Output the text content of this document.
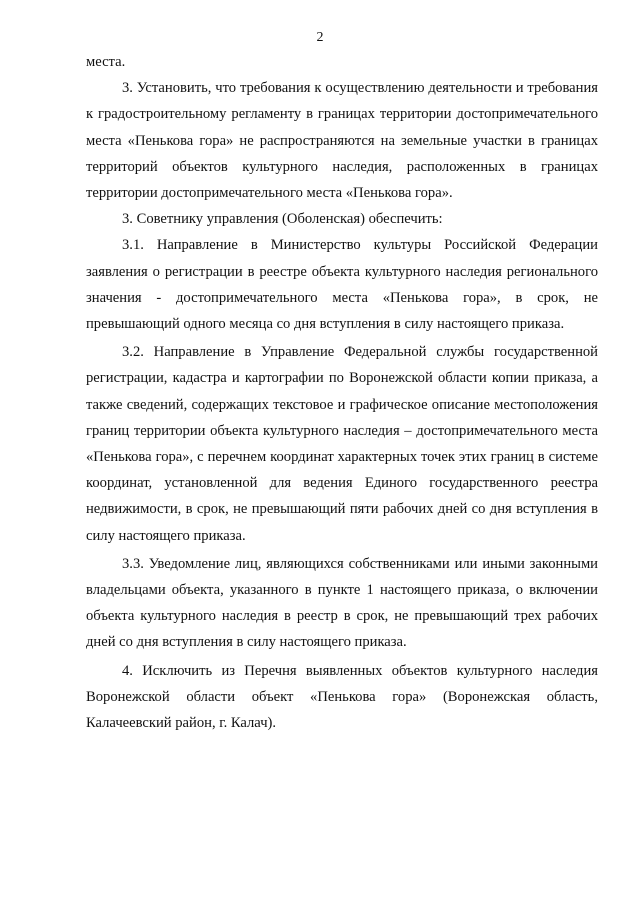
2

места.

3. Установить, что требования к осуществлению деятельности и требования к градостроительному регламенту в границах территории достопримечательного места «Пенькова гора» не распространяются на земельные участки в границах территорий объектов культурного наследия, расположенных в границах территории достопримечательного места «Пенькова гора».

3. Советнику управления (Оболенская) обеспечить:

3.1. Направление в Министерство культуры Российской Федерации заявления о регистрации в реестре объекта культурного наследия регионального значения - достопримечательного места «Пенькова гора», в срок, не превышающий одного месяца со дня вступления в силу настоящего приказа.

3.2. Направление в Управление Федеральной службы государственной регистрации, кадастра и картографии по Воронежской области копии приказа, а также сведений, содержащих текстовое и графическое описание местоположения границ территории объекта культурного наследия – достопримечательного места «Пенькова гора», с перечнем координат характерных точек этих границ в системе координат, установленной для ведения Единого государственного реестра недвижимости, в срок, не превышающий пяти рабочих дней со дня вступления в силу настоящего приказа.

3.3. Уведомление лиц, являющихся собственниками или иными законными владельцами объекта, указанного в пункте 1 настоящего приказа, о включении объекта культурного наследия в реестр в срок, не превышающий трех рабочих дней со дня вступления в силу настоящего приказа.

4. Исключить из Перечня выявленных объектов культурного наследия Воронежской области объект «Пенькова гора» (Воронежская область, Калачеевский район, г. Калач).
